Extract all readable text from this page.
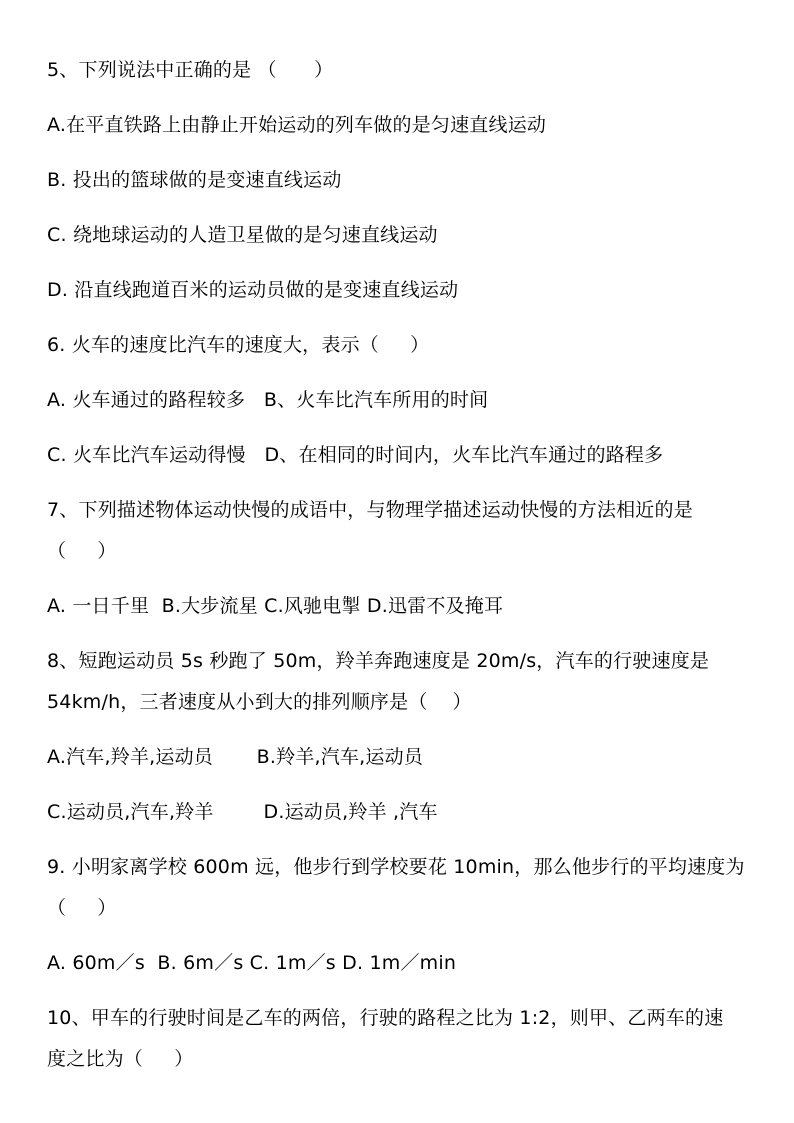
5、下列说法中正确的是 （      ）
A.在平直铁路上由静止开始运动的列车做的是匀速直线运动
B. 投出的篮球做的是变速直线运动
C. 绕地球运动的人造卫星做的是匀速直线运动
D. 沿直线跑道百米的运动员做的是变速直线运动
6. 火车的速度比汽车的速度大，表示（     ）
A. 火车通过的路程较多   B、火车比汽车所用的时间
C. 火车比汽车运动得慢   D、在相同的时间内，火车比汽车通过的路程多
7、下列描述物体运动快慢的成语中，与物理学描述运动快慢的方法相近的是
（     ）
A. 一日千里  B.大步流星 C.风驰电掣 D.迅雷不及掩耳
8、短跑运动员 5s 秒跑了 50m，羚羊奔跑速度是 20m/s，汽车的行驶速度是
54km/h，三者速度从小到大的排列顺序是（    ）
A.汽车,羚羊,运动员       B.羚羊,汽车,运动员
C.运动员,汽车,羚羊        D.运动员,羚羊 ,汽车
9. 小明家离学校 600m 远，他步行到学校要花 10min，那么他步行的平均速度为
（     ）
A. 60m／s  B. 6m／s C. 1m／s D. 1m／min
10、甲车的行驶时间是乙车的两倍，行驶的路程之比为 1:2，则甲、乙两车的速
度之比为（     ）
